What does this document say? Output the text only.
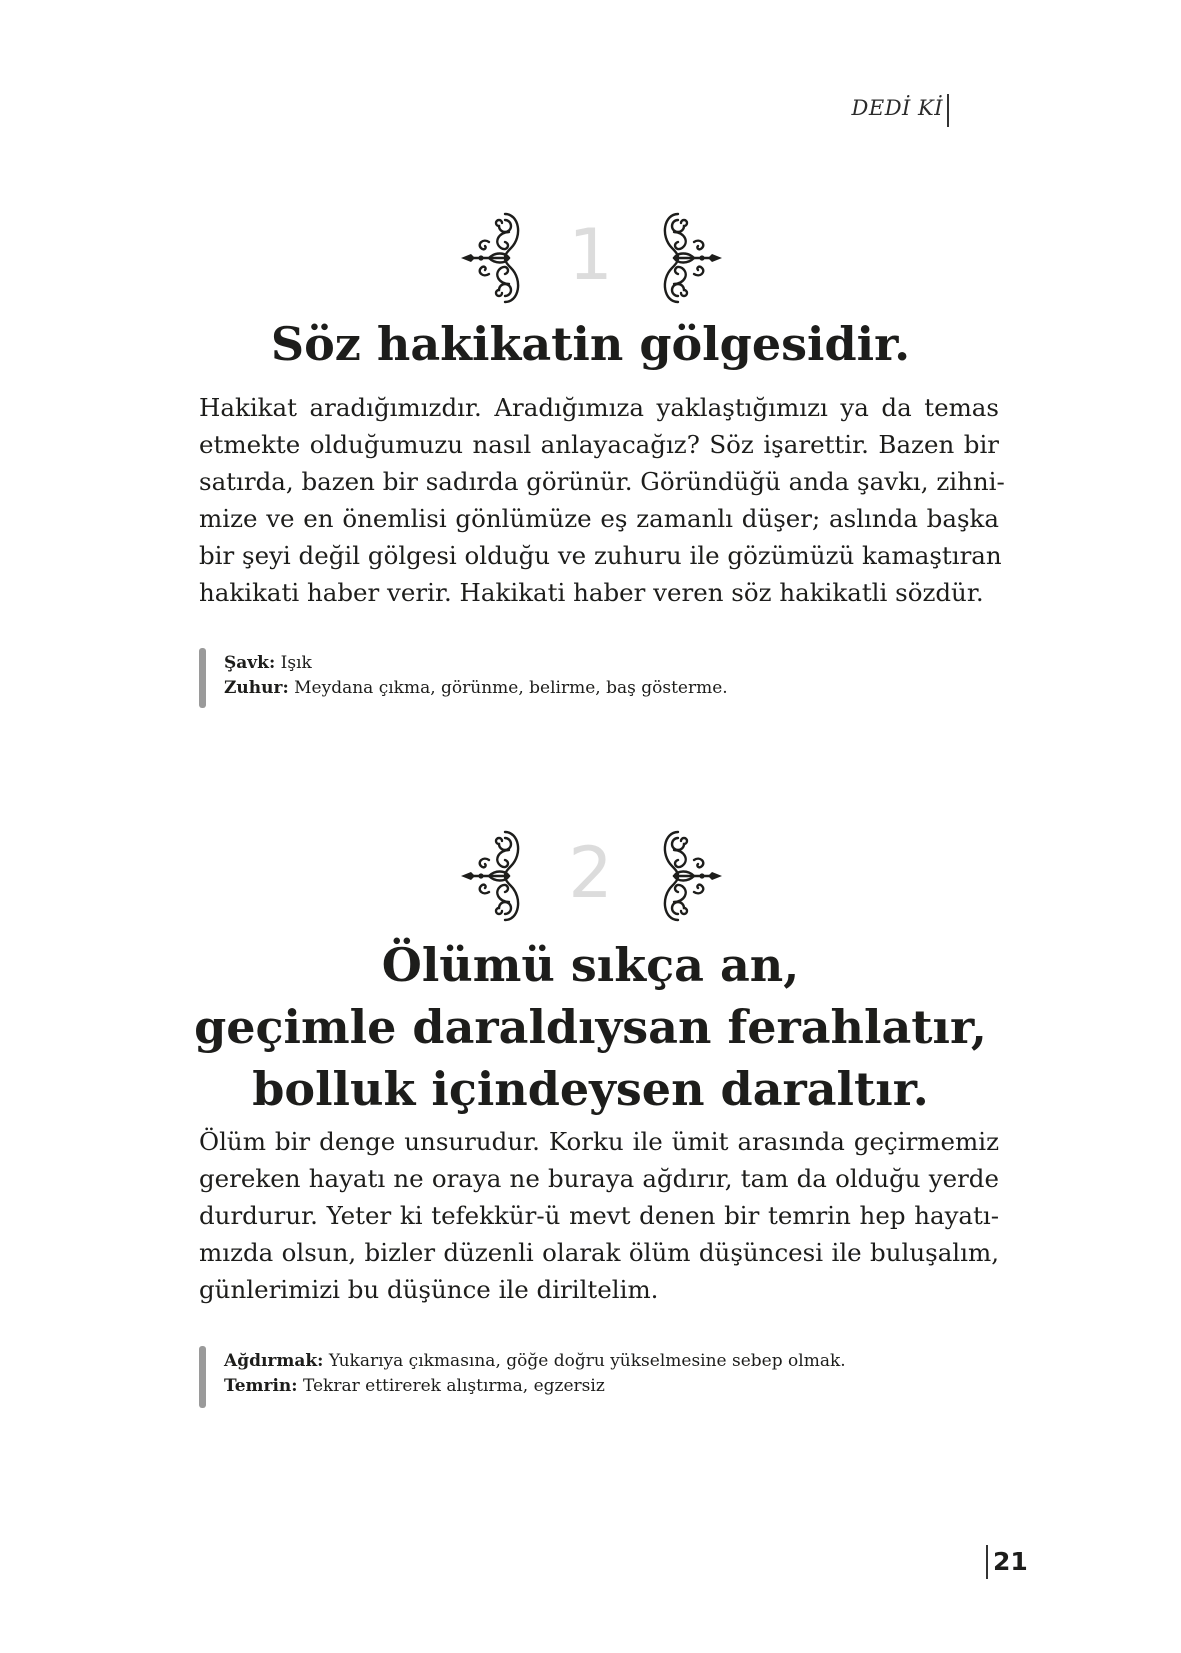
DEDİ Kİ
1
Söz hakikatin gölgesidir.
Hakikat aradığımızdır. Aradığımıza yaklaştığımızı ya da temas
etmekte olduğumuzu nasıl anlayacağız? Söz işarettir. Bazen bir
satırda, bazen bir sadırda görünür. Göründüğü anda şavkı, zihni-
mize ve en önemlisi gönlümüze eş zamanlı düşer; aslında başka
bir şeyi değil gölgesi olduğu ve zuhuru ile gözümüzü kamaştıran
hakikati haber verir. Hakikati haber veren söz hakikatli sözdür.
Şavk: Işık
Zuhur: Meydana çıkma, görünme, belirme, baş gösterme.
2
Ölümü sıkça an,
geçimle daraldıysan ferahlatır,
bolluk içindeysen daraltır.
Ölüm bir denge unsurudur. Korku ile ümit arasında geçirmemiz
gereken hayatı ne oraya ne buraya ağdırır, tam da olduğu yerde
durdurur. Yeter ki tefekkür-ü mevt denen bir temrin hep hayatı-
mızda olsun, bizler düzenli olarak ölüm düşüncesi ile buluşalım,
günlerimizi bu düşünce ile diriltelim.
Ağdırmak: Yukarıya çıkmasına, göğe doğru yükselmesine sebep olmak.
Temrin: Tekrar ettirerek alıştırma, egzersiz
21
